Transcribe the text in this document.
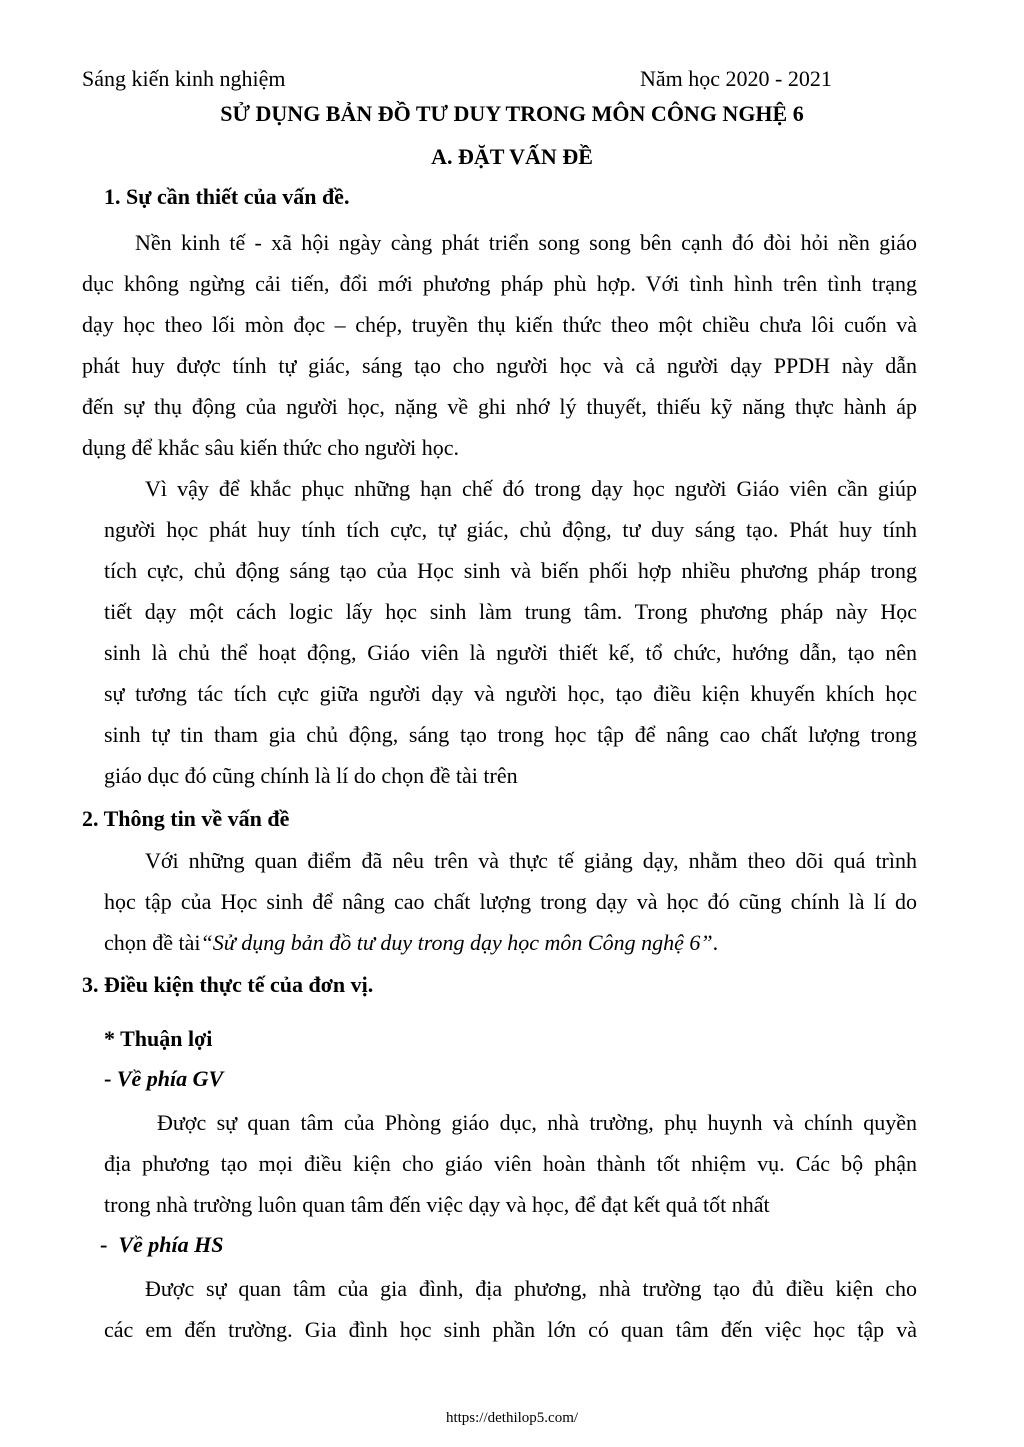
Sáng kiến kinh nghiệm	Năm học 2020 - 2021
SỬ DỤNG BẢN ĐỒ TƯ DUY TRONG MÔN CÔNG NGHỆ 6
A. ĐẶT VẤN ĐỀ
1. Sự cần thiết của vấn đề.
Nền kinh tế - xã hội ngày càng phát triển song song bên cạnh đó đòi hỏi nền giáo
dục không ngừng cải tiến, đổi mới phương pháp phù hợp. Với tình hình trên tình trạng
dạy học theo lối mòn đọc – chép, truyền thụ kiến thức theo một chiều chưa lôi cuốn và
phát huy được tính tự giác, sáng tạo cho người học và cả người dạy PPDH này dẫn
đến sự thụ động của người học, nặng về ghi nhớ lý thuyết, thiếu kỹ năng thực hành áp
dụng để khắc sâu kiến thức cho người học.
Vì vậy để khắc phục những hạn chế đó trong dạy học người Giáo viên cần giúp
người học phát huy tính tích cực, tự giác, chủ động, tư duy sáng tạo. Phát huy tính
tích cực, chủ động sáng tạo của Học sinh và biến phối hợp nhiều phương pháp trong
tiết dạy một cách logic lấy học sinh làm trung tâm. Trong phương pháp này Học
sinh là chủ thể hoạt động, Giáo viên là người thiết kế, tổ chức, hướng dẫn, tạo nên
sự tương tác tích cực giữa người dạy và người học, tạo điều kiện khuyến khích học
sinh tự tin tham gia chủ động, sáng tạo trong học tập để nâng cao chất lượng trong
giáo dục đó cũng chính là lí do chọn đề tài trên
2. Thông tin về vấn đề
Với những quan điểm đã nêu trên và thực tế giảng dạy, nhằm theo dõi quá trình
học tập của Học sinh để nâng cao chất lượng trong dạy và học đó cũng chính là lí do
chọn đề tài“Sử dụng bản đồ tư duy trong dạy học môn Công nghệ 6”.
3. Điều kiện thực tế của đơn vị.
* Thuận lợi
- Về phía GV
Được sự quan tâm của Phòng giáo dục, nhà trường, phụ huynh và chính quyền
địa phương tạo mọi điều kiện cho giáo viên hoàn thành tốt nhiệm vụ. Các bộ phận
trong nhà trường luôn quan tâm đến việc dạy và học, để đạt kết quả tốt nhất
- Về phía HS
Được sự quan tâm của gia đình, địa phương, nhà trường tạo đủ điều kiện cho
các em đến trường. Gia đình học sinh phần lớn có quan tâm đến việc học tập và
https://dethilop5.com/
